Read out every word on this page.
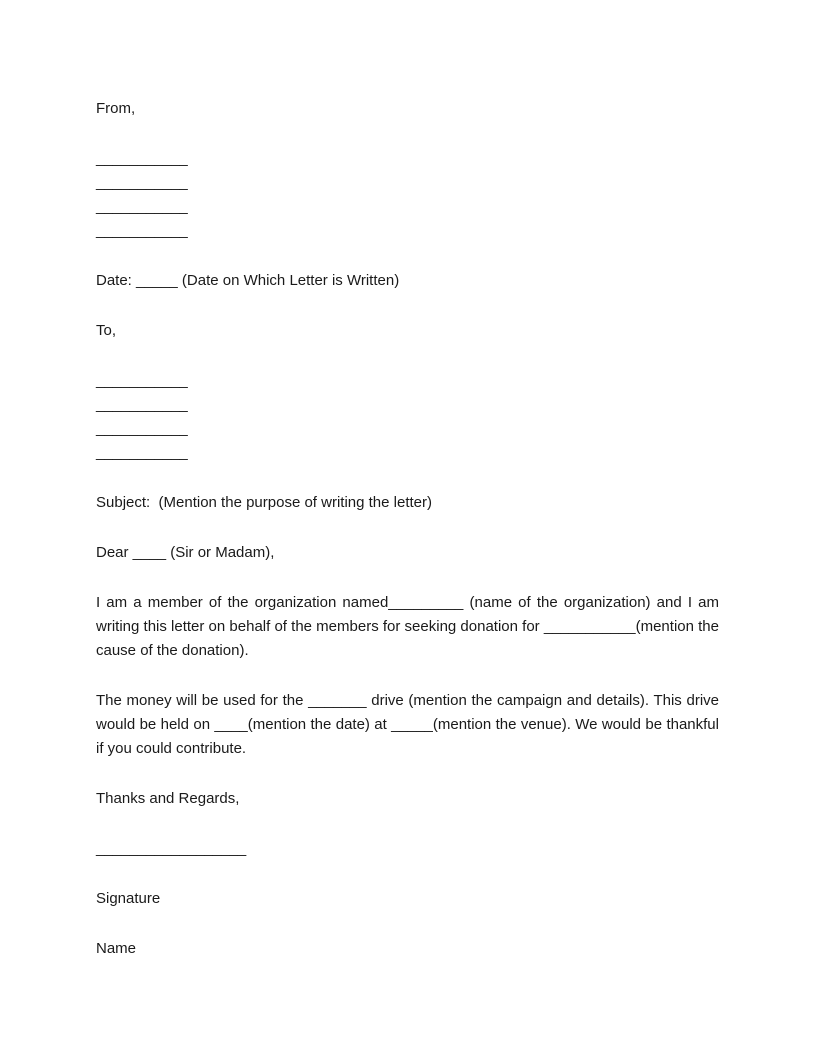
From,
___________
___________
___________
___________
Date: _____ (Date on Which Letter is Written)
To,
___________
___________
___________
___________
Subject:  (Mention the purpose of writing the letter)
Dear ____ (Sir or Madam),
I am a member of the organization named_________ (name of the organization) and I am writing this letter on behalf of the members for seeking donation for ___________(mention the cause of the donation).
The money will be used for the _______ drive (mention the campaign and details). This drive would be held on ____(mention the date) at _____(mention the venue). We would be thankful if you could contribute.
Thanks and Regards,
__________________
Signature
Name
